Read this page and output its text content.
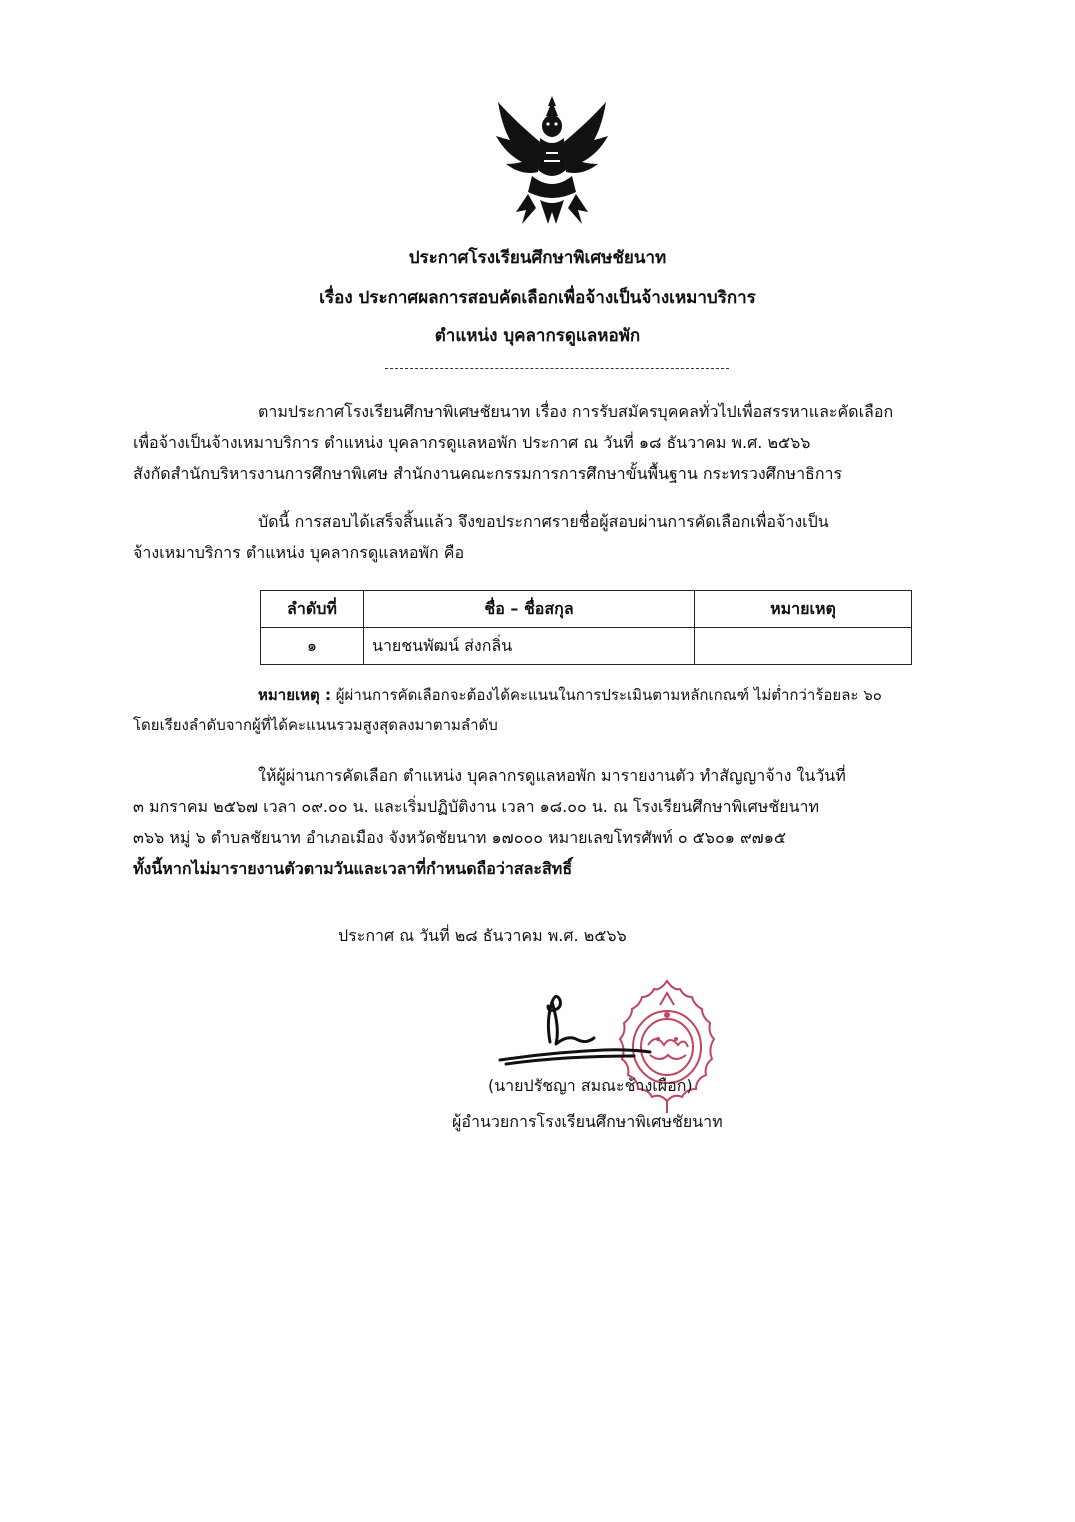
ประกาศโรงเรียนศึกษาพิเศษชัยนาท
เรื่อง ประกาศผลการสอบคัดเลือกเพื่อจ้างเป็นจ้างเหมาบริการ
ตำแหน่ง บุคลากรดูแลหอพัก
ตามประกาศโรงเรียนศึกษาพิเศษชัยนาท เรื่อง การรับสมัครบุคคลทั่วไปเพื่อสรรหาและคัดเลือก
เพื่อจ้างเป็นจ้างเหมาบริการ ตำแหน่ง บุคลากรดูแลหอพัก ประกาศ ณ วันที่ ๑๘ ธันวาคม พ.ศ. ๒๕๖๖
สังกัดสำนักบริหารงานการศึกษาพิเศษ สำนักงานคณะกรรมการการศึกษาขั้นพื้นฐาน กระทรวงศึกษาธิการ
บัดนี้ การสอบได้เสร็จสิ้นแล้ว จึงขอประกาศรายชื่อผู้สอบผ่านการคัดเลือกเพื่อจ้างเป็น
จ้างเหมาบริการ ตำแหน่ง บุคลากรดูแลหอพัก คือ
ลำดับที่	ชื่อ – ชื่อสกุล	หมายเหตุ
๑	นายชนพัฒน์ ส่งกลิ่น	
หมายเหตุ : ผู้ผ่านการคัดเลือกจะต้องได้คะแนนในการประเมินตามหลักเกณฑ์ ไม่ต่ำกว่าร้อยละ ๖๐
โดยเรียงลำดับจากผู้ที่ได้คะแนนรวมสูงสุดลงมาตามลำดับ
ให้ผู้ผ่านการคัดเลือก ตำแหน่ง บุคลากรดูแลหอพัก มารายงานตัว ทำสัญญาจ้าง ในวันที่
๓ มกราคม ๒๕๖๗ เวลา ๐๙.๐๐ น. และเริ่มปฏิบัติงาน เวลา ๑๘.๐๐ น. ณ โรงเรียนศึกษาพิเศษชัยนาท
๓๖๖ หมู่ ๖ ตำบลชัยนาท อำเภอเมือง จังหวัดชัยนาท ๑๗๐๐๐ หมายเลขโทรศัพท์ ๐ ๕๖๐๑ ๙๗๑๕
ทั้งนี้หากไม่มารายงานตัวตามวันและเวลาที่กำหนดถือว่าสละสิทธิ์
ประกาศ ณ วันที่ ๒๘ ธันวาคม พ.ศ. ๒๕๖๖
(นายปรัชญา สมณะช้างเผือก)
ผู้อำนวยการโรงเรียนศึกษาพิเศษชัยนาท
